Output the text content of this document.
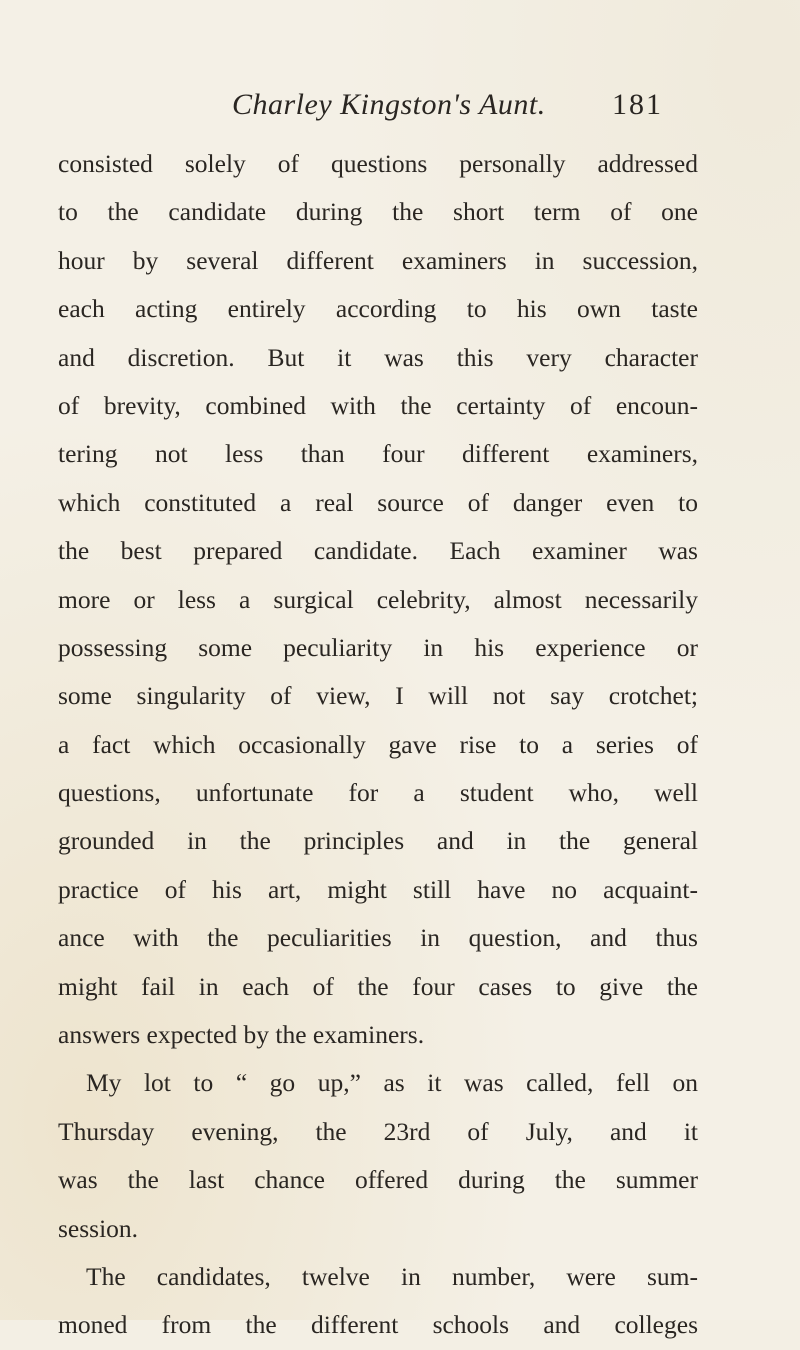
Charley Kingston's Aunt. 181
consisted solely of questions personally addressed
to the candidate during the short term of one
hour by several different examiners in succession,
each acting entirely according to his own taste
and discretion. But it was this very character
of brevity, combined with the certainty of encoun-
tering not less than four different examiners,
which constituted a real source of danger even to
the best prepared candidate. Each examiner was
more or less a surgical celebrity, almost necessarily
possessing some peculiarity in his experience or
some singularity of view, I will not say crotchet;
a fact which occasionally gave rise to a series of
questions, unfortunate for a student who, well
grounded in the principles and in the general
practice of his art, might still have no acquaint-
ance with the peculiarities in question, and thus
might fail in each of the four cases to give the
answers expected by the examiners.
My lot to “ go up,” as it was called, fell on
Thursday evening, the 23rd of July, and it
was the last chance offered during the summer
session.
The candidates, twelve in number, were sum-
moned from the different schools and colleges
